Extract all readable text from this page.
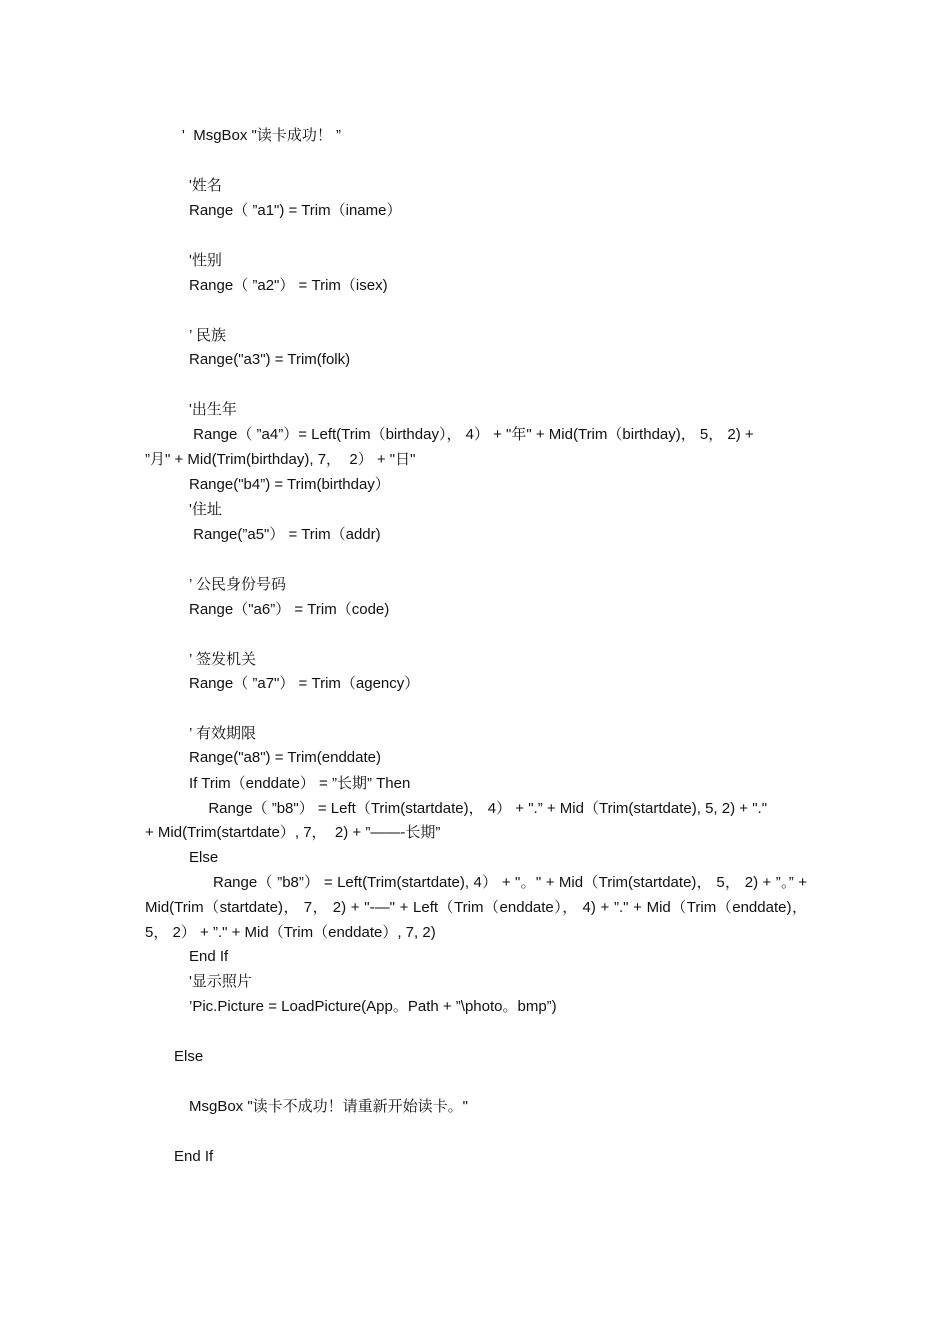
'  MsgBox "读卡成功！ ”
'姓名
Range（ ”a1") = Trim（iname）
'性别
Range（ ”a2"） = Trim（isex)
’ 民族
Range("a3") = Trim(folk)
'出生年
Range（ ”a4”）= Left(Trim（birthday）， 4） + "年" + Mid(Trim（birthday)， 5， 2) +
”月" + Mid(Trim(birthday), 7，  2） + "日"
Range("b4”) = Trim(birthday）
'住址
Range(”a5"） = Trim（addr)
’ 公民身份号码
Range（"a6”） = Trim（code)
’ 签发机关
Range（ ”a7"） = Trim（agency）
’ 有效期限
Range("a8") = Trim(enddate)
If Trim（enddate） = ”长期” Then
Range（ ”b8"） = Left（Trim(startdate)， 4） + ".” + Mid（Trim(startdate), 5, 2) + "."
+ Mid(Trim(startdate）, 7，  2) + ”——-长期”
Else
Range（ ”b8”） = Left(Trim(startdate), 4） + "。" + Mid（Trim(startdate)， 5， 2) + ”。” + Mid(Trim（startdate)， 7， 2) + "-—" + Left（Trim（enddate）， 4) + ”." + Mid（Trim（enddate)， 5， 2） + ”." + Mid（Trim（enddate）, 7, 2)
End If
'显示照片
’Pic.Picture = LoadPicture(App。Path + ”\photo。bmp”)
Else
MsgBox "读卡不成功！请重新开始读卡。"
End If
